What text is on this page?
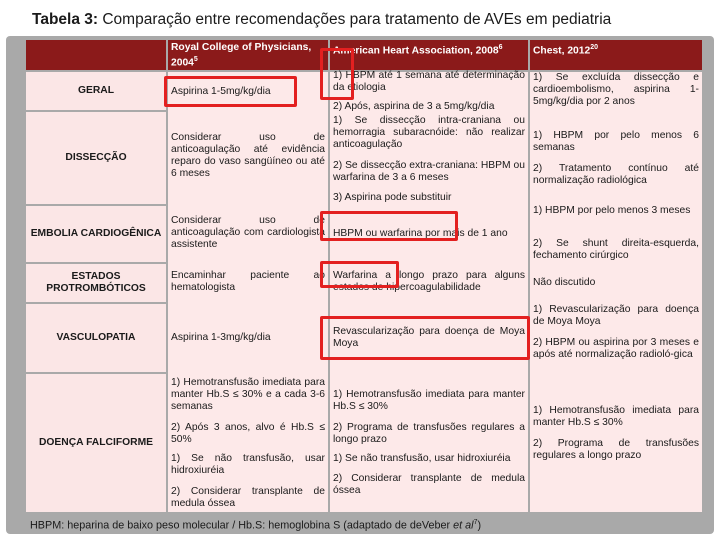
Tabela 3: Comparação entre recomendações para tratamento de AVEs em pediatria
Royal College of Physicians,
2004$^5$
American Heart Association, 2008$^6$	Chest, 2012$^{20}$
GERAL
DISSECÇÃO
EMBOLIA CARDIOGÊNICA
ESTADOS PROTROMBÓTICOS
VASCULOPATIA
DOENÇA FALCIFORME
Aspirina 1-5mg/kg/dia
Considerar uso de anticoagulação até evidência reparo do vaso sangüíneo ou até 6 meses
Considerar uso de anticoagulação com cardiologista assistente
Encaminhar paciente ao hematologista
Aspirina 1-3mg/kg/dia
1) Hemotransfusão imediata para manter Hb.S ≤ 30% e a cada 3-6 semanas
2) Após 3 anos, alvo é Hb.S ≤ 50%
1) Se não transfusão, usar hidroxiuréia
2) Considerar transplante de medula óssea
1) HBPM até 1 semana até determinação da etiologia
2) Após, aspirina de 3 a 5mg/kg/dia
1) Se dissecção intra-craniana ou hemorragia subaracnóide: não realizar anticoagulação
2) Se dissecção extra-craniana: HBPM ou warfarina de 3 a 6 meses
3) Aspirina pode substituir
HBPM ou warfarina por mais de 1 ano
Warfarina a longo prazo para alguns estados de hipercoagulabilidade
Revascularização para doença de Moya Moya
1) Hemotransfusão imediata para manter Hb.S ≤ 30%
2) Programa de transfusões regulares a longo prazo
1) Se não transfusão, usar hidroxiuréia
2) Considerar transplante de medula óssea
1) Se excluída dissecção e cardioembolismo, aspirina 1-5mg/kg/dia por 2 anos
1) HBPM por pelo menos 6 semanas
2) Tratamento contínuo até normalização radiológica
1) HBPM por pelo menos 3 meses
2) Se shunt direita-esquerda, fechamento cirúrgico
Não discutido
1) Revascularização para doença de Moya Moya
2) HBPM ou aspirina por 3 meses e após até normalização radioló-gica
1) Hemotransfusão imediata para manter Hb.S ≤ 30%
2) Programa de transfusões regulares a longo prazo
HBPM: heparina de baixo peso molecular / Hb.S: hemoglobina S (adaptado de deVeber et $al^7$)
